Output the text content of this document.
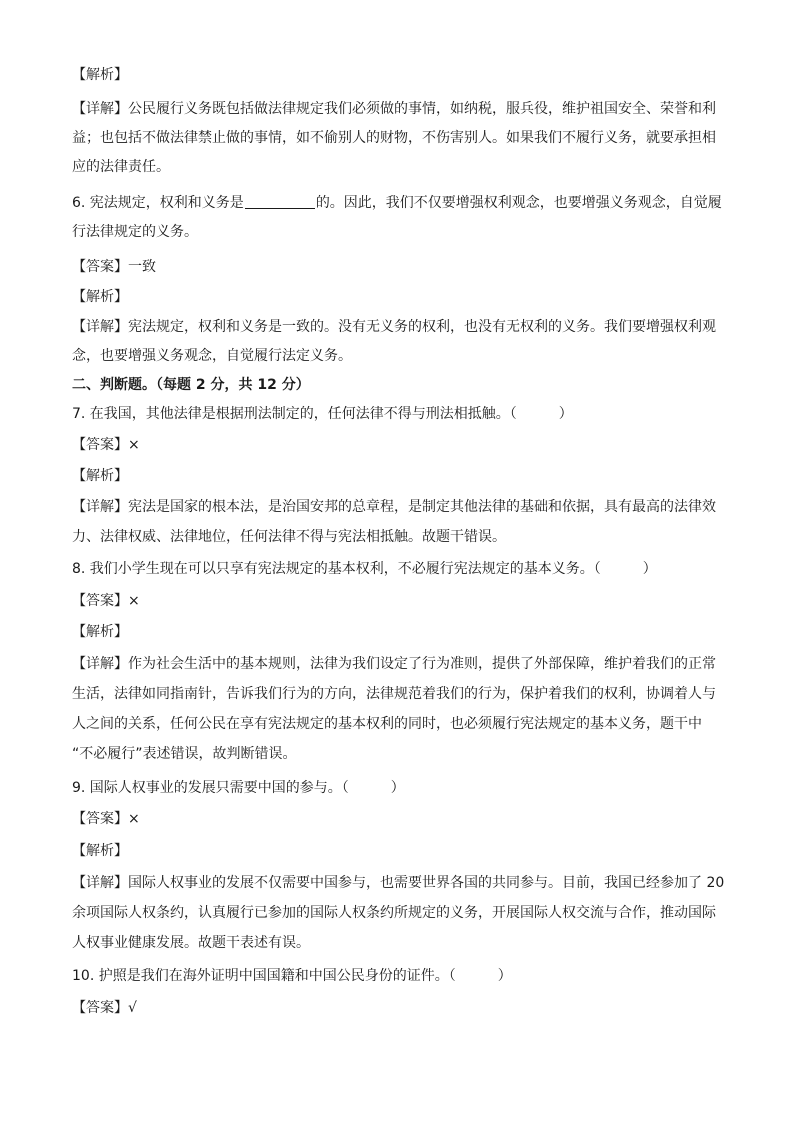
【解析】
【详解】公民履行义务既包括做法律规定我们必须做的事情，如纳税，服兵役，维护祖国安全、荣誉和利
益；也包括不做法律禁止做的事情，如不偷别人的财物，不伤害别人。如果我们不履行义务，就要承担相
应的法律责任。
6. 宪法规定，权利和义务是	的。因此，我们不仅要增强权利观念，也要增强义务观念，自觉履
行法律规定的义务。
【答案】一致
【解析】
【详解】宪法规定，权利和义务是一致的。没有无义务的权利，也没有无权利的义务。我们要增强权利观
念，也要增强义务观念，自觉履行法定义务。
二、判断题。（每题 2 分，共 12 分）
7. 在我国，其他法律是根据刑法制定的，任何法律不得与刑法相抵触。（　　　）
【答案】×
【解析】
【详解】宪法是国家的根本法，是治国安邦的总章程，是制定其他法律的基础和依据，具有最高的法律效
力、法律权威、法律地位，任何法律不得与宪法相抵触。故题干错误。
8. 我们小学生现在可以只享有宪法规定的基本权利，不必履行宪法规定的基本义务。（　　　）
【答案】×
【解析】
【详解】作为社会生活中的基本规则，法律为我们设定了行为准则，提供了外部保障，维护着我们的正常
生活，法律如同指南针，告诉我们行为的方向，法律规范着我们的行为，保护着我们的权利，协调着人与
人之间的关系，任何公民在享有宪法规定的基本权利的同时，也必须履行宪法规定的基本义务，题干中
“不必履行”表述错误，故判断错误。
9. 国际人权事业的发展只需要中国的参与。（　　　）
【答案】×
【解析】
【详解】国际人权事业的发展不仅需要中国参与，也需要世界各国的共同参与。目前，我国已经参加了 20
余项国际人权条约，认真履行已参加的国际人权条约所规定的义务，开展国际人权交流与合作，推动国际
人权事业健康发展。故题干表述有误。
10. 护照是我们在海外证明中国国籍和中国公民身份的证件。（　　　）
【答案】√
